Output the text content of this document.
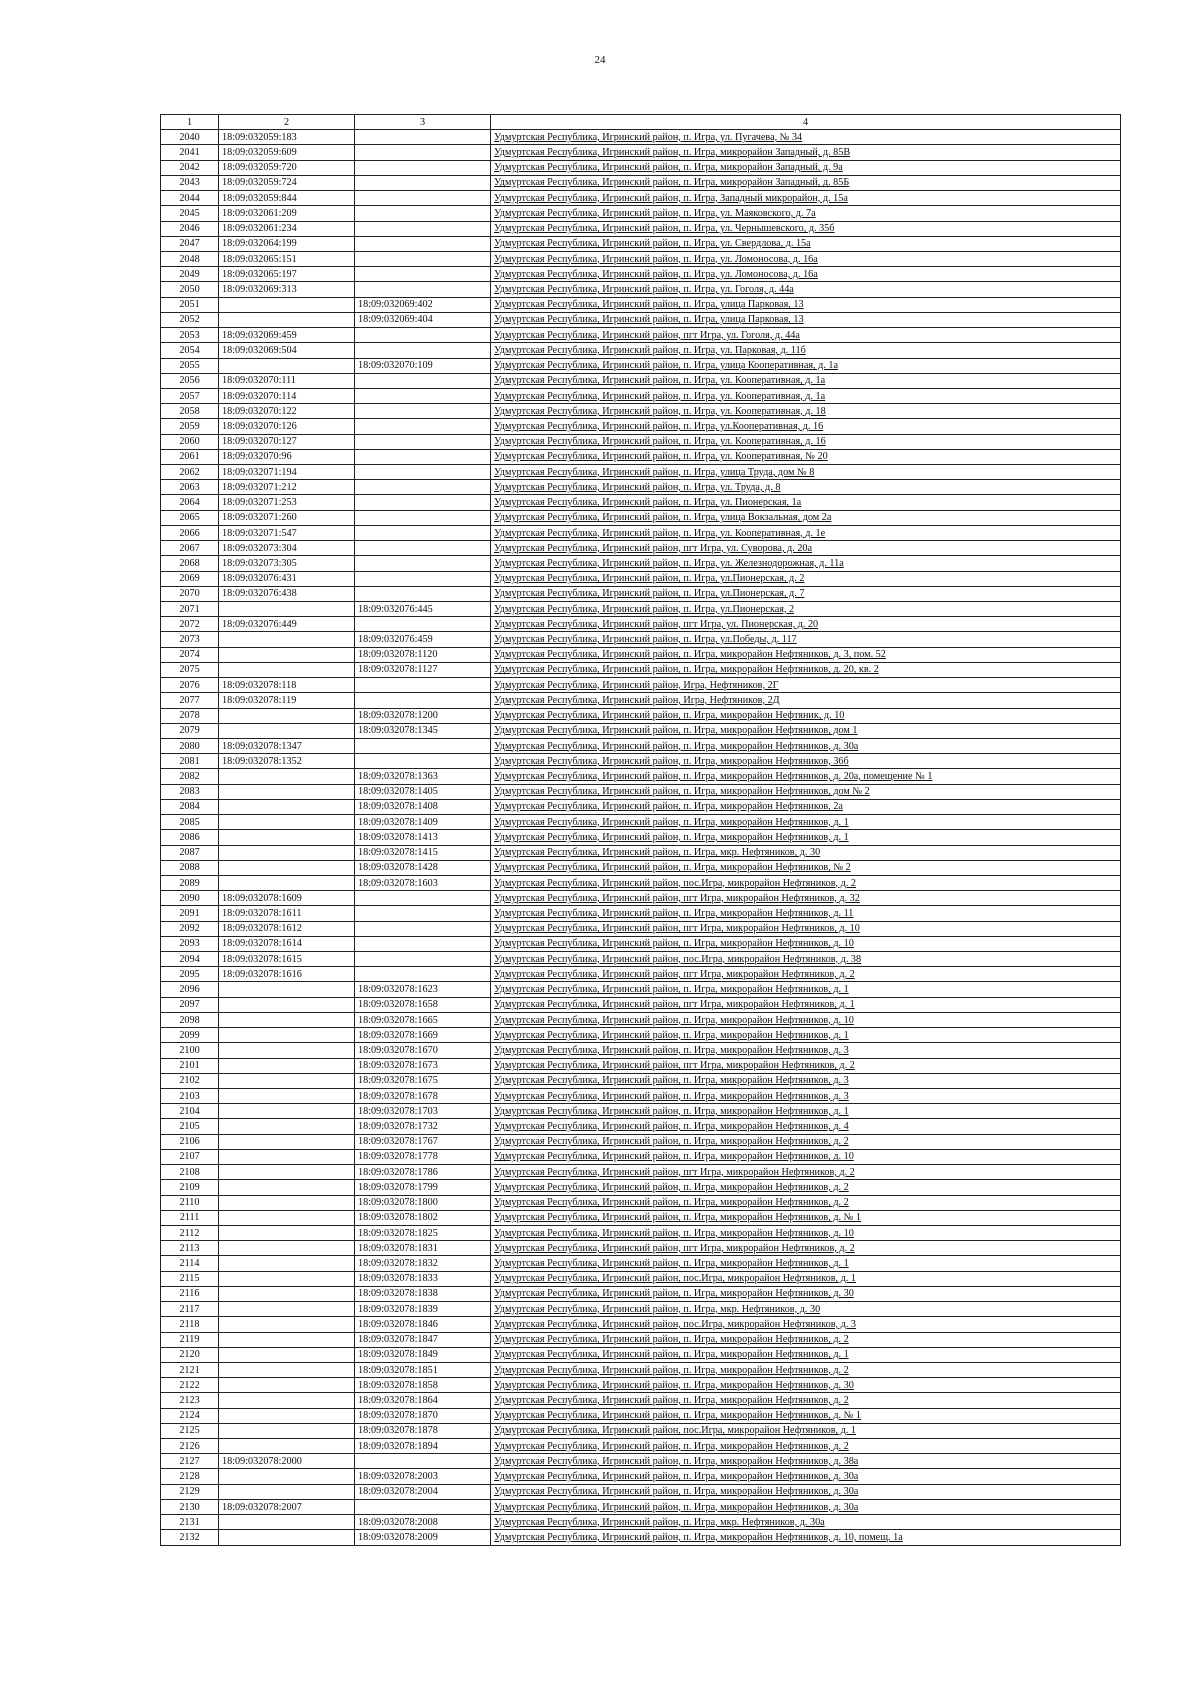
24
1	2	3	4
2040	18:09:032059:183		Удмуртская Республика, Игринский район, п. Игра, ул. Пугачева, № 34
2041	18:09:032059:609		Удмуртская Республика, Игринский район, п. Игра, микрорайон Западный, д. 85В
2042	18:09:032059:720		Удмуртская Республика, Игринский район, п. Игра, микрорайон Западный, д. 9а
2043	18:09:032059:724		Удмуртская Республика, Игринский район, п. Игра, микрорайон Западный, д. 85Б
2044	18:09:032059:844		Удмуртская Республика, Игринский район, п. Игра, Западный микрорайон, д. 15а
2045	18:09:032061:209		Удмуртская Республика, Игринский район, п. Игра, ул. Маяковского, д. 7а
2046	18:09:032061:234		Удмуртская Республика, Игринский район, п. Игра, ул. Чернышевского, д. 35б
2047	18:09:032064:199		Удмуртская Республика, Игринский район, п. Игра, ул. Свердлова, д. 15а
2048	18:09:032065:151		Удмуртская Республика, Игринский район, п. Игра, ул. Ломоносова, д. 16а
2049	18:09:032065:197		Удмуртская Республика, Игринский район, п. Игра, ул. Ломоносова, д. 16а
2050	18:09:032069:313		Удмуртская Республика, Игринский район, п. Игра, ул. Гоголя, д. 44а
2051		18:09:032069:402	Удмуртская Республика, Игринский район, п. Игра, улица Парковая, 13
2052		18:09:032069:404	Удмуртская Республика, Игринский район, п. Игра, улица Парковая, 13
2053	18:09:032069:459		Удмуртская Республика, Игринский район, пгт Игра, ул. Гоголя, д. 44а
2054	18:09:032069:504		Удмуртская Республика, Игринский район, п. Игра, ул. Парковая, д. 11б
2055		18:09:032070:109	Удмуртская Республика, Игринский район, п. Игра, улица Кооперативная, д. 1а
2056	18:09:032070:111		Удмуртская Республика, Игринский район, п. Игра, ул. Кооперативная, д. 1а
2057	18:09:032070:114		Удмуртская Республика, Игринский район, п. Игра, ул. Кооперативная, д. 1а
2058	18:09:032070:122		Удмуртская Республика, Игринский район, п. Игра, ул. Кооперативная, д. 18
2059	18:09:032070:126		Удмуртская Республика, Игринский район, п. Игра, ул.Кооперативная, д. 16
2060	18:09:032070:127		Удмуртская Республика, Игринский район, п. Игра, ул. Кооперативная, д. 16
2061	18:09:032070:96		Удмуртская Республика, Игринский район, п. Игра, ул. Кооперативная, № 20
2062	18:09:032071:194		Удмуртская Республика, Игринский район, п. Игра, улица Труда, дом № 8
2063	18:09:032071:212		Удмуртская Республика, Игринский район, п. Игра, ул. Труда, д. 8
2064	18:09:032071:253		Удмуртская Республика, Игринский район, п. Игра, ул. Пионерская, 1а
2065	18:09:032071:260		Удмуртская Республика, Игринский район, п. Игра, улица Вокзальная, дом 2а
2066	18:09:032071:547		Удмуртская Республика, Игринский район, п. Игра, ул. Кооперативная, д. 1е
2067	18:09:032073:304		Удмуртская Республика, Игринский район, пгт Игра, ул. Суворова, д. 20а
2068	18:09:032073:305		Удмуртская Республика, Игринский район, п. Игра, ул. Железнодорожная, д. 11а
2069	18:09:032076:431		Удмуртская Республика, Игринский район, п. Игра, ул.Пионерская, д. 2
2070	18:09:032076:438		Удмуртская Республика, Игринский район, п. Игра, ул.Пионерская, д. 7
2071		18:09:032076:445	Удмуртская Республика, Игринский район, п. Игра, ул.Пионерская, 2
2072	18:09:032076:449		Удмуртская Республика, Игринский район, пгт Игра, ул. Пионерская, д. 20
2073		18:09:032076:459	Удмуртская Республика, Игринский район, п. Игра, ул.Победы, д. 117
2074		18:09:032078:1120	Удмуртская Республика, Игринский район, п. Игра, микрорайон Нефтяников, д. 3, пом. 52
2075		18:09:032078:1127	Удмуртская Республика, Игринский район, п. Игра, микрорайон Нефтяников, д. 20, кв. 2
2076	18:09:032078:118		Удмуртская Республика, Игринский район, Игра, Нефтяников, 2Г
2077	18:09:032078:119		Удмуртская Республика, Игринский район, Игра, Нефтяников, 2Д
2078		18:09:032078:1200	Удмуртская Республика, Игринский район, п. Игра, микрорайон Нефтяник, д. 10
2079		18:09:032078:1345	Удмуртская Республика, Игринский район, п. Игра, микрорайон Нефтяников, дом 1
2080	18:09:032078:1347		Удмуртская Республика, Игринский район, п. Игра, микрорайон Нефтяников, д. 30а
2081	18:09:032078:1352		Удмуртская Республика, Игринский район, п. Игра, микрорайон Нефтяников, 36б
2082		18:09:032078:1363	Удмуртская Республика, Игринский район, п. Игра, микрорайон Нефтяников, д. 20а, помещение № 1
2083		18:09:032078:1405	Удмуртская Республика, Игринский район, п. Игра, микрорайон Нефтяников, дом № 2
2084		18:09:032078:1408	Удмуртская Республика, Игринский район, п. Игра, микрорайон Нефтяников, 2а
2085		18:09:032078:1409	Удмуртская Республика, Игринский район, п. Игра, микрорайон Нефтяников, д. 1
2086		18:09:032078:1413	Удмуртская Республика, Игринский район, п. Игра, микрорайон Нефтяников, д. 1
2087		18:09:032078:1415	Удмуртская Республика, Игринский район, п. Игра, мкр. Нефтяников, д. 30
2088		18:09:032078:1428	Удмуртская Республика, Игринский район, п. Игра, микрорайон Нефтяников, № 2
2089		18:09:032078:1603	Удмуртская Республика, Игринский район, пос.Игра, микрорайон Нефтяников, д. 2
2090	18:09:032078:1609		Удмуртская Республика, Игринский район, пгт Игра, микрорайон Нефтяников, д. 32
2091	18:09:032078:1611		Удмуртская Республика, Игринский район, п. Игра, микрорайон Нефтяников, д. 11
2092	18:09:032078:1612		Удмуртская Республика, Игринский район, пгт Игра, микрорайон Нефтяников, д. 10
2093	18:09:032078:1614		Удмуртская Республика, Игринский район, п. Игра, микрорайон Нефтяников, д. 10
2094	18:09:032078:1615		Удмуртская Республика, Игринский район, пос.Игра, микрорайон Нефтяников, д. 38
2095	18:09:032078:1616		Удмуртская Республика, Игринский район, пгт Игра, микрорайон Нефтяников, д. 2
2096		18:09:032078:1623	Удмуртская Республика, Игринский район, п. Игра, микрорайон Нефтяников, д. 1
2097		18:09:032078:1658	Удмуртская Республика, Игринский район, пгт Игра, микрорайон Нефтяников, д. 1
2098		18:09:032078:1665	Удмуртская Республика, Игринский район, п. Игра, микрорайон Нефтяников, д. 10
2099		18:09:032078:1669	Удмуртская Республика, Игринский район, п. Игра, микрорайон Нефтяников, д. 1
2100		18:09:032078:1670	Удмуртская Республика, Игринский район, п. Игра, микрорайон Нефтяников, д. 3
2101		18:09:032078:1673	Удмуртская Республика, Игринский район, пгт Игра, микрорайон Нефтяников, д. 2
2102		18:09:032078:1675	Удмуртская Республика, Игринский район, п. Игра, микрорайон Нефтяников, д. 3
2103		18:09:032078:1678	Удмуртская Республика, Игринский район, п. Игра, микрорайон Нефтяников, д. 3
2104		18:09:032078:1703	Удмуртская Республика, Игринский район, п. Игра, микрорайон Нефтяников, д. 1
2105		18:09:032078:1732	Удмуртская Республика, Игринский район, п. Игра, микрорайон Нефтяников, д. 4
2106		18:09:032078:1767	Удмуртская Республика, Игринский район, п. Игра, микрорайон Нефтяников, д. 2
2107		18:09:032078:1778	Удмуртская Республика, Игринский район, п. Игра, микрорайон Нефтяников, д. 10
2108		18:09:032078:1786	Удмуртская Республика, Игринский район, пгт Игра, микрорайон Нефтяников, д. 2
2109		18:09:032078:1799	Удмуртская Республика, Игринский район, п. Игра, микрорайон Нефтяников, д. 2
2110		18:09:032078:1800	Удмуртская Республика, Игринский район, п. Игра, микрорайон Нефтяников, д. 2
2111		18:09:032078:1802	Удмуртская Республика, Игринский район, п. Игра, микрорайон Нефтяников, д. № 1
2112		18:09:032078:1825	Удмуртская Республика, Игринский район, п. Игра, микрорайон Нефтяников, д. 10
2113		18:09:032078:1831	Удмуртская Республика, Игринский район, пгт Игра, микрорайон Нефтяников, д. 2
2114		18:09:032078:1832	Удмуртская Республика, Игринский район, п. Игра, микрорайон Нефтяников, д. 1
2115		18:09:032078:1833	Удмуртская Республика, Игринский район, пос.Игра, микрорайон Нефтяников, д. 1
2116		18:09:032078:1838	Удмуртская Республика, Игринский район, п. Игра, микрорайон Нефтяников, д. 30
2117		18:09:032078:1839	Удмуртская Республика, Игринский район, п. Игра, мкр. Нефтяников, д. 30
2118		18:09:032078:1846	Удмуртская Республика, Игринский район, пос.Игра, микрорайон Нефтяников, д. 3
2119		18:09:032078:1847	Удмуртская Республика, Игринский район, п. Игра, микрорайон Нефтяников, д. 2
2120		18:09:032078:1849	Удмуртская Республика, Игринский район, п. Игра, микрорайон Нефтяников, д. 1
2121		18:09:032078:1851	Удмуртская Республика, Игринский район, п. Игра, микрорайон Нефтяников, д. 2
2122		18:09:032078:1858	Удмуртская Республика, Игринский район, п. Игра, микрорайон Нефтяников, д. 30
2123		18:09:032078:1864	Удмуртская Республика, Игринский район, п. Игра, микрорайон Нефтяников, д. 2
2124		18:09:032078:1870	Удмуртская Республика, Игринский район, п. Игра, микрорайон Нефтяников, д. № 1
2125		18:09:032078:1878	Удмуртская Республика, Игринский район, пос.Игра, микрорайон Нефтяников, д. 1
2126		18:09:032078:1894	Удмуртская Республика, Игринский район, п. Игра, микрорайон Нефтяников, д. 2
2127	18:09:032078:2000		Удмуртская Республика, Игринский район, п. Игра, микрорайон Нефтяников, д. 38а
2128		18:09:032078:2003	Удмуртская Республика, Игринский район, п. Игра, микрорайон Нефтяников, д. 30а
2129		18:09:032078:2004	Удмуртская Республика, Игринский район, п. Игра, микрорайон Нефтяников, д. 30а
2130	18:09:032078:2007		Удмуртская Республика, Игринский район, п. Игра, микрорайон Нефтяников, д. 30а
2131		18:09:032078:2008	Удмуртская Республика, Игринский район, п. Игра, мкр. Нефтяников, д. 30а
2132		18:09:032078:2009	Удмуртская Республика, Игринский район, п. Игра, микрорайон Нефтяников, д. 10, помещ. 1а
